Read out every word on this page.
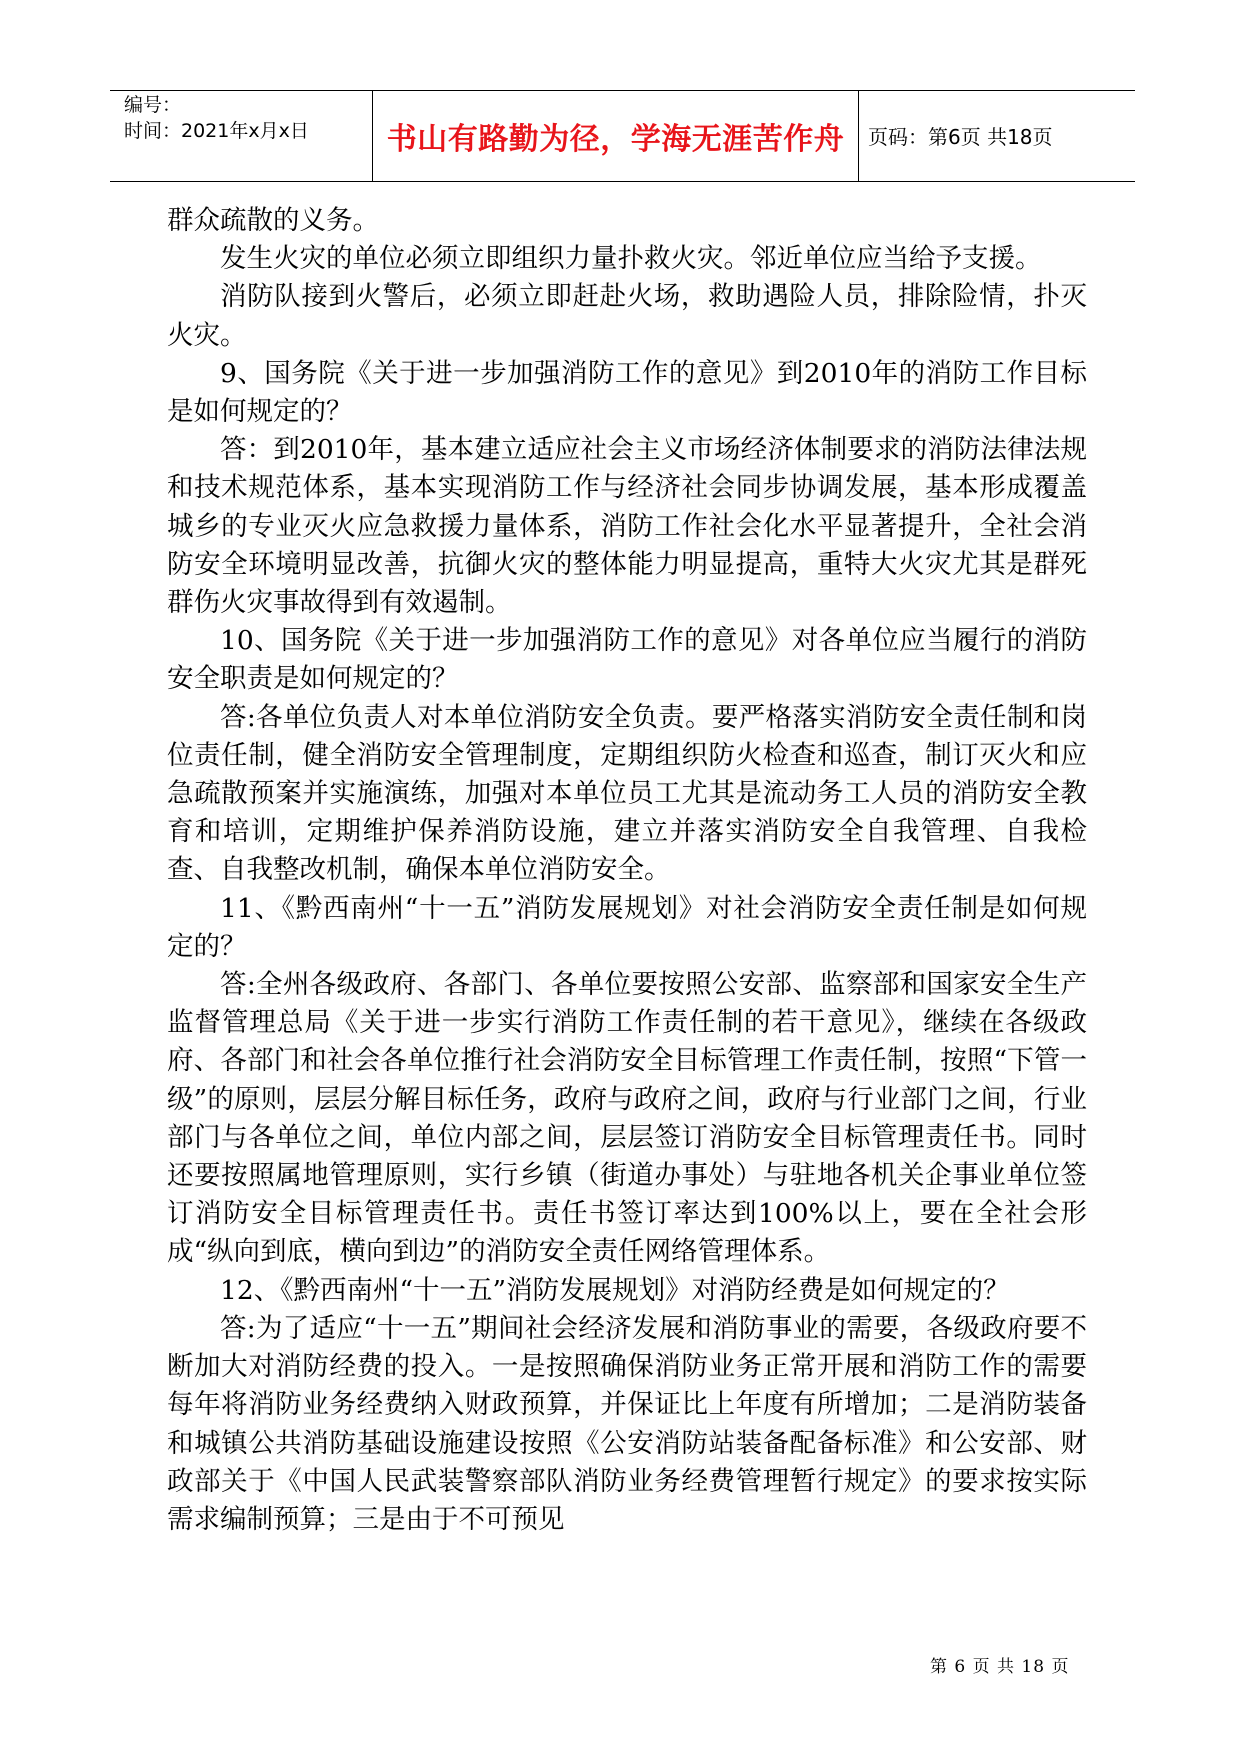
编号：
时间：2021年x月x日	书山有路勤为径，学海无涯苦作舟	页码：第6页 共18页

群众疏散的义务。

发生火灾的单位必须立即组织力量扑救火灾。邻近单位应当给予支援。

消防队接到火警后，必须立即赶赴火场，救助遇险人员，排除险情，扑灭火灾。

9、国务院《关于进一步加强消防工作的意见》到2010年的消防工作目标是如何规定的？

答：到2010年，基本建立适应社会主义市场经济体制要求的消防法律法规和技术规范体系，基本实现消防工作与经济社会同步协调发展，基本形成覆盖城乡的专业灭火应急救援力量体系，消防工作社会化水平显著提升，全社会消防安全环境明显改善，抗御火灾的整体能力明显提高，重特大火灾尤其是群死群伤火灾事故得到有效遏制。

10、国务院《关于进一步加强消防工作的意见》对各单位应当履行的消防安全职责是如何规定的？

答:各单位负责人对本单位消防安全负责。要严格落实消防安全责任制和岗位责任制，健全消防安全管理制度，定期组织防火检查和巡查，制订灭火和应急疏散预案并实施演练，加强对本单位员工尤其是流动务工人员的消防安全教育和培训，定期维护保养消防设施，建立并落实消防安全自我管理、自我检查、自我整改机制，确保本单位消防安全。

11、《黔西南州“十一五”消防发展规划》对社会消防安全责任制是如何规定的？

答:全州各级政府、各部门、各单位要按照公安部、监察部和国家安全生产监督管理总局《关于进一步实行消防工作责任制的若干意见》，继续在各级政府、各部门和社会各单位推行社会消防安全目标管理工作责任制，按照“下管一级”的原则，层层分解目标任务，政府与政府之间，政府与行业部门之间，行业部门与各单位之间，单位内部之间，层层签订消防安全目标管理责任书。同时还要按照属地管理原则，实行乡镇（街道办事处）与驻地各机关企事业单位签订消防安全目标管理责任书。责任书签订率达到100%以上，要在全社会形成“纵向到底，横向到边”的消防安全责任网络管理体系。

12、《黔西南州“十一五”消防发展规划》对消防经费是如何规定的？

答:为了适应“十一五”期间社会经济发展和消防事业的需要，各级政府要不断加大对消防经费的投入。一是按照确保消防业务正常开展和消防工作的需要每年将消防业务经费纳入财政预算，并保证比上年度有所增加；二是消防装备和城镇公共消防基础设施建设按照《公安消防站装备配备标准》和公安部、财政部关于《中国人民武装警察部队消防业务经费管理暂行规定》的要求按实际需求编制预算；三是由于不可预见

第 6 页 共 18 页
